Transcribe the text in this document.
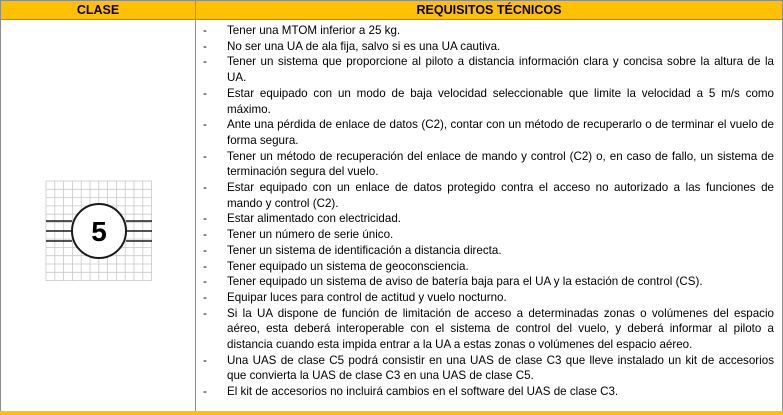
CLASE	REQUISITOS TÉCNICOS
5
- Tener una MTOM inferior a 25 kg.
- No ser una UA de ala fija, salvo si es una UA cautiva.
- Tener un sistema que proporcione al piloto a distancia información clara y concisa sobre la altura de la UA.
- Estar equipado con un modo de baja velocidad seleccionable que limite la velocidad a 5 m/s como máximo.
- Ante una pérdida de enlace de datos (C2), contar con un método de recuperarlo o de terminar el vuelo de forma segura.
- Tener un método de recuperación del enlace de mando y control (C2) o, en caso de fallo, un sistema de terminación segura del vuelo.
- Estar equipado con un enlace de datos protegido contra el acceso no autorizado a las funciones de mando y control (C2).
- Estar alimentado con electricidad.
- Tener un número de serie único.
- Tener un sistema de identificación a distancia directa.
- Tener equipado un sistema de geoconsciencia.
- Tener equipado un sistema de aviso de batería baja para el UA y la estación de control (CS).
- Equipar luces para control de actitud y vuelo nocturno.
- Si la UA dispone de función de limitación de acceso a determinadas zonas o volúmenes del espacio aéreo, esta deberá interoperable con el sistema de control del vuelo, y deberá informar al piloto a distancia cuando esta impida entrar a la UA a estas zonas o volúmenes del espacio aéreo.
- Una UAS de clase C5 podrá consistir en una UAS de clase C3 que lleve instalado un kit de accesorios que convierta la UAS de clase C3 en una UAS de clase C5.
- El kit de accesorios no incluirá cambios en el software del UAS de clase C3.
